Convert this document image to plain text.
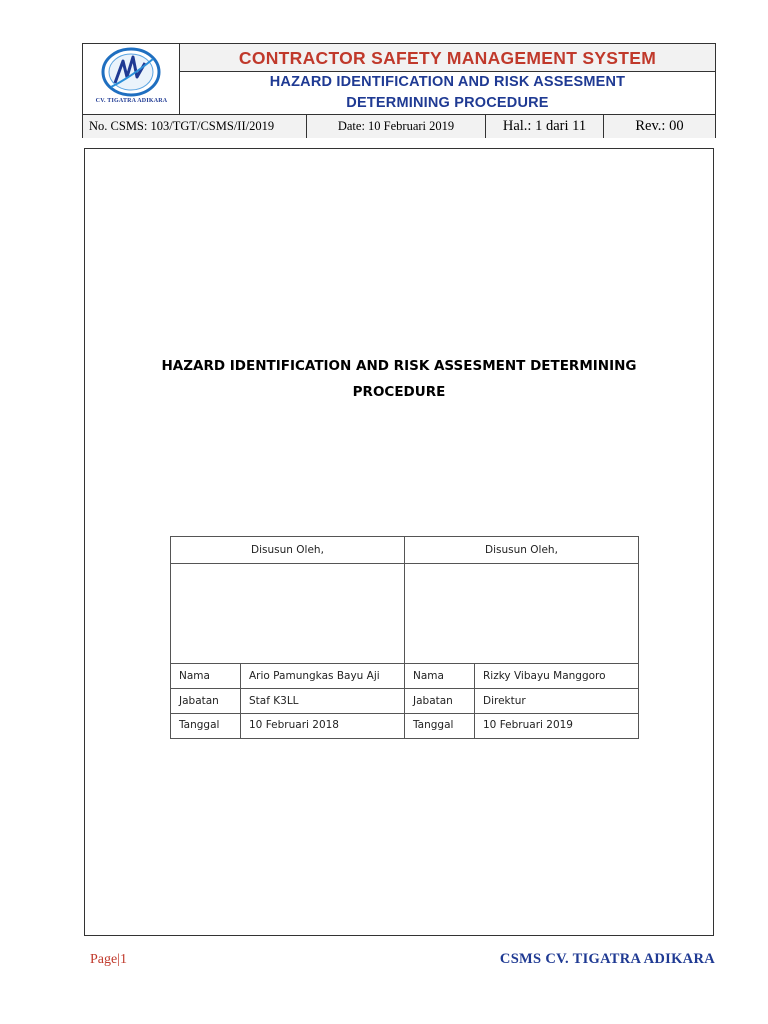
CV. TIGATRA ADIKARA
CONTRACTOR SAFETY MANAGEMENT SYSTEM
HAZARD IDENTIFICATION AND RISK ASSESMENT
DETERMINING PROCEDURE
No. CSMS: 103/TGT/CSMS/II/2019	Date: 10 Februari 2019	Hal.: 1 dari 11	Rev.: 00
HAZARD IDENTIFICATION AND RISK ASSESMENT DETERMINING
PROCEDURE
Disusun Oleh,	Disusun Oleh,
Nama	Ario Pamungkas Bayu Aji	Nama	Rizky Vibayu Manggoro
Jabatan	Staf K3LL	Jabatan	Direktur
Tanggal	10 Februari 2018	Tanggal	10 Februari 2019
Page|1	CSMS CV. TIGATRA ADIKARA
